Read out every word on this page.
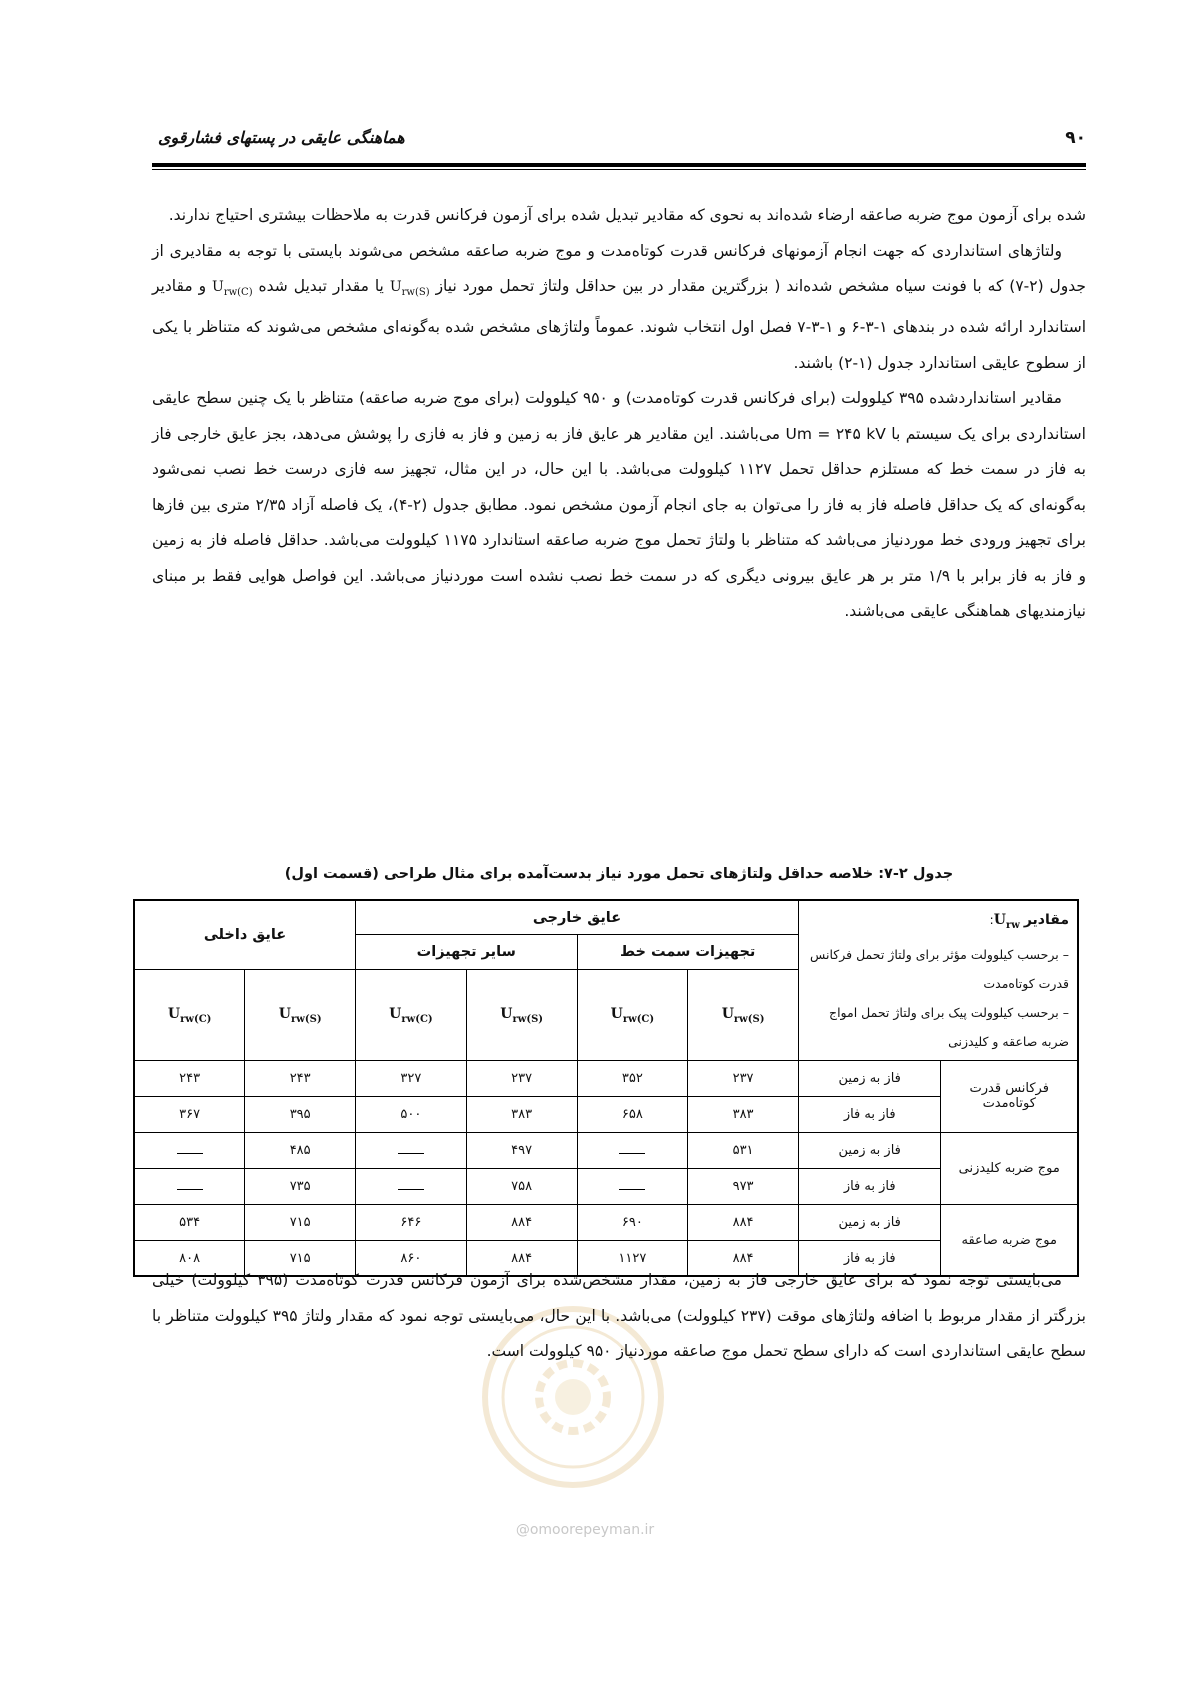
۹۰
هماهنگی عایقی در پستهای فشارقوی

شده برای آزمون موج ضربه صاعقه ارضاء شده‌اند به نحوی که مقادیر تبدیل شده برای آزمون فرکانس قدرت به ملاحظات بیشتری احتیاج ندارند.

ولتاژهای استانداردی که جهت انجام آزمونهای فرکانس قدرت کوتاه‌مدت و موج ضربه صاعقه مشخص می‌شوند بایستی با توجه به مقادیری از جدول (۲-۷) که با فونت سیاه مشخص شده‌اند ( بزرگترین مقدار در بین حداقل ولتاژ تحمل مورد نیاز $U_{rw(S)}$ یا مقدار تبدیل شده $U_{rw(C)}$ و مقادیر استاندارد ارائه شده در بندهای ۱-۳-۶ و ۱-۳-۷ فصل اول انتخاب شوند. عموماً ولتاژهای مشخص شده به‌گونه‌ای مشخص می‌شوند که متناظر با یکی از سطوح عایقی استاندارد جدول (۱-۲) باشند.

مقادیر استانداردشده ۳۹۵ کیلوولت (برای فرکانس قدرت کوتاه‌مدت) و ۹۵۰ کیلوولت (برای موج ضربه صاعقه) متناظر با یک چنین سطح عایقی استانداردی برای یک سیستم با Um = ۲۴۵ kV می‌باشند. این مقادیر هر عایق فاز به زمین و فاز به فازی را پوشش می‌دهد، بجز عایق خارجی فاز به فاز در سمت خط که مستلزم حداقل تحمل ۱۱۲۷ کیلوولت می‌باشد. با این حال، در این مثال، تجهیز سه فازی درست خط نصب نمی‌شود به‌گونه‌ای که یک حداقل فاصله فاز به فاز را می‌توان به جای انجام آزمون مشخص نمود. مطابق جدول (۲-۴)، یک فاصله آزاد ۲/۳۵ متری بین فازها برای تجهیز ورودی خط موردنیاز می‌باشد که متناظر با ولتاژ تحمل موج ضربه صاعقه استاندارد ۱۱۷۵ کیلوولت می‌باشد. حداقل فاصله فاز به زمین و فاز به فاز برابر با ۱/۹ متر بر هر عایق بیرونی دیگری که در سمت خط نصب نشده است موردنیاز می‌باشد. این فواصل هوایی فقط بر مبنای نیازمندیهای هماهنگی عایقی می‌باشند.

جدول ۲-۷: خلاصه حداقل ولتاژهای تحمل مورد نیاز بدست‌آمده برای مثال طراحی (قسمت اول)
مقادیر $U_{rw}$:
– برحسب کیلوولت مؤثر برای ولتاژ تحمل فرکانس قدرت کوتاه‌مدت
– برحسب کیلوولت پیک برای ولتاژ تحمل امواج ضربه صاعقه و کلیدزنی		عایق خارجی				عایق داخلی	
		تجهیزات سمت خط		سایر تجهیزات			
		$U_{rw(S)}$	$U_{rw(C)}$	$U_{rw(S)}$	$U_{rw(C)}$	$U_{rw(S)}$	$U_{rw(C)}$
فرکانس قدرت کوتاه‌مدت	فاز به زمین	۲۳۷	۳۵۲	۲۳۷	۳۲۷	۲۴۳	۲۴۳
	فاز به فاز	۳۸۳	۶۵۸	۳۸۳	۵۰۰	۳۹۵	۳۶۷
موج ضربه کلیدزنی	فاز به زمین	۵۳۱		۴۹۷		۴۸۵	
	فاز به فاز	۹۷۳		۷۵۸		۷۳۵	
موج ضربه صاعقه	فاز به زمین	۸۸۴	۶۹۰	۸۸۴	۶۴۶	۷۱۵	۵۳۴
	فاز به فاز	۸۸۴	۱۱۲۷	۸۸۴	۸۶۰	۷۱۵	۸۰۸
@omoorepeyman.ir

می‌بایستی توجه نمود که برای عایق خارجی فاز به زمین، مقدار مشخص‌شده برای آزمون فرکانس قدرت کوتاه‌مدت (۳۹۵ کیلوولت) خیلی بزرگتر از مقدار مربوط با اضافه ولتاژهای موقت (۲۳۷ کیلوولت) می‌باشد. با این حال، می‌بایستی توجه نمود که مقدار ولتاژ ۳۹۵ کیلوولت متناظر با سطح عایقی استانداردی است که دارای سطح تحمل موج صاعقه موردنیاز ۹۵۰ کیلوولت است.
